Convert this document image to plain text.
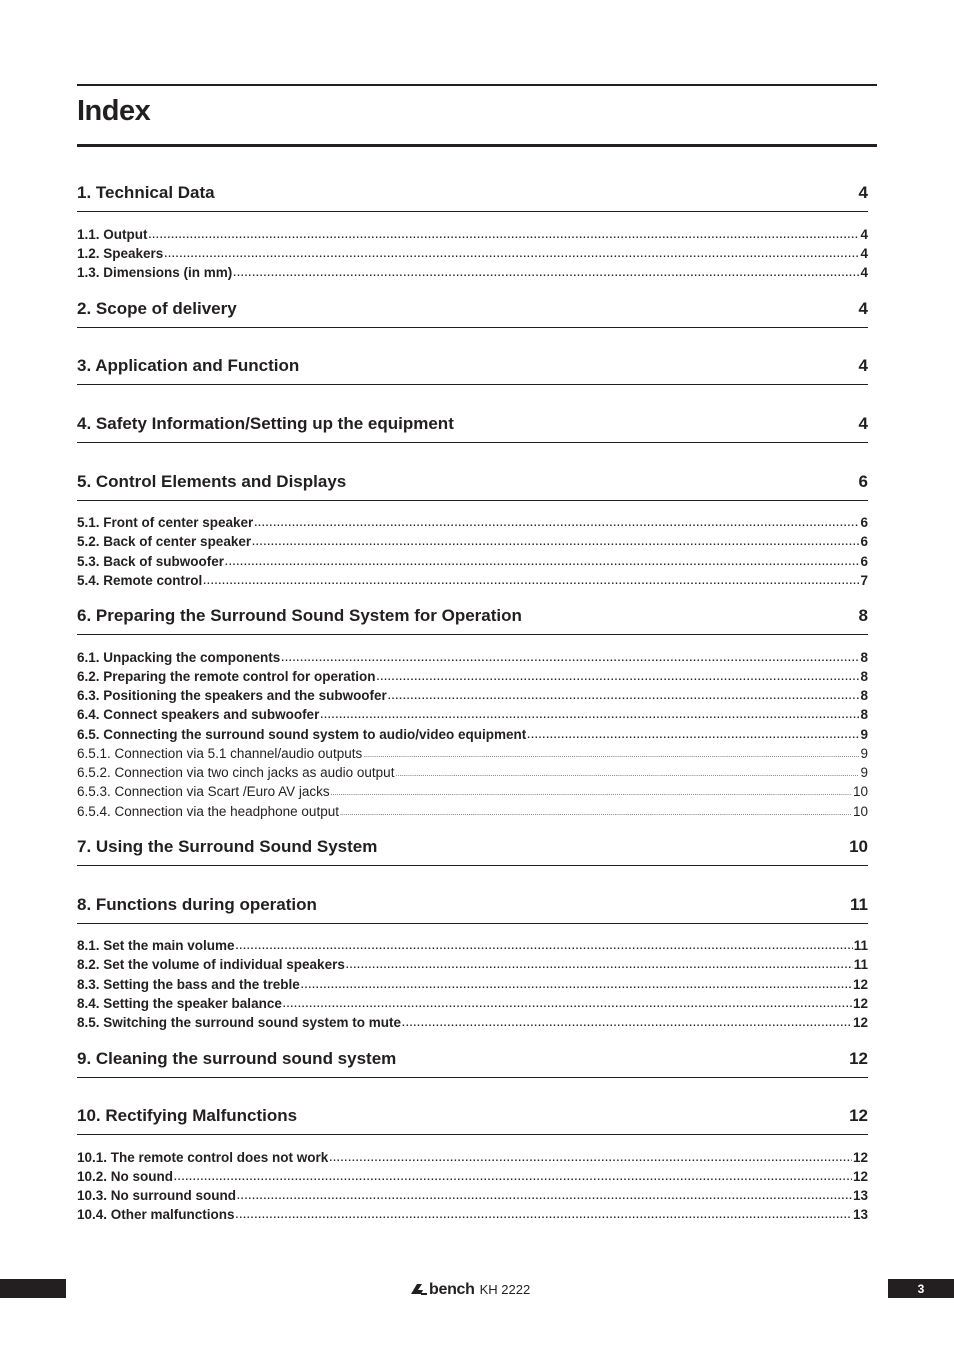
Index
1. Technical Data	4
1.1. Output .....	4
1.2. Speakers .....	4
1.3. Dimensions (in mm) .....	4
2. Scope of delivery	4
3. Application and Function	4
4. Safety Information/Setting up the equipment	4
5. Control Elements and Displays	6
5.1. Front of center speaker .....	6
5.2. Back of center speaker .....	6
5.3. Back of subwoofer .....	6
5.4. Remote control .....	7
6. Preparing the Surround Sound System for Operation	8
6.1. Unpacking the components .....	8
6.2. Preparing the remote control for operation .....	8
6.3. Positioning the speakers and the subwoofer .....	8
6.4. Connect speakers and subwoofer .....	8
6.5. Connecting the surround sound system to audio/video equipment .....	9
6.5.1. Connection via 5.1 channel/audio outputs .....	9
6.5.2. Connection via two cinch jacks as audio output .....	9
6.5.3. Connection via Scart /Euro AV jacks .....	10
6.5.4. Connection via the headphone output .....	10
7. Using the Surround Sound System	10
8. Functions during operation	11
8.1. Set the main volume .....	11
8.2. Set the volume of individual speakers .....	11
8.3. Setting the bass and the treble .....	12
8.4. Setting the speaker balance .....	12
8.5. Switching the surround sound system to mute .....	12
9. Cleaning the surround sound system	12
10. Rectifying Malfunctions	12
10.1. The remote control does not work .....	12
10.2. No sound .....	12
10.3. No surround sound .....	13
10.4. Other malfunctions .....	13
bench KH 2222	3
